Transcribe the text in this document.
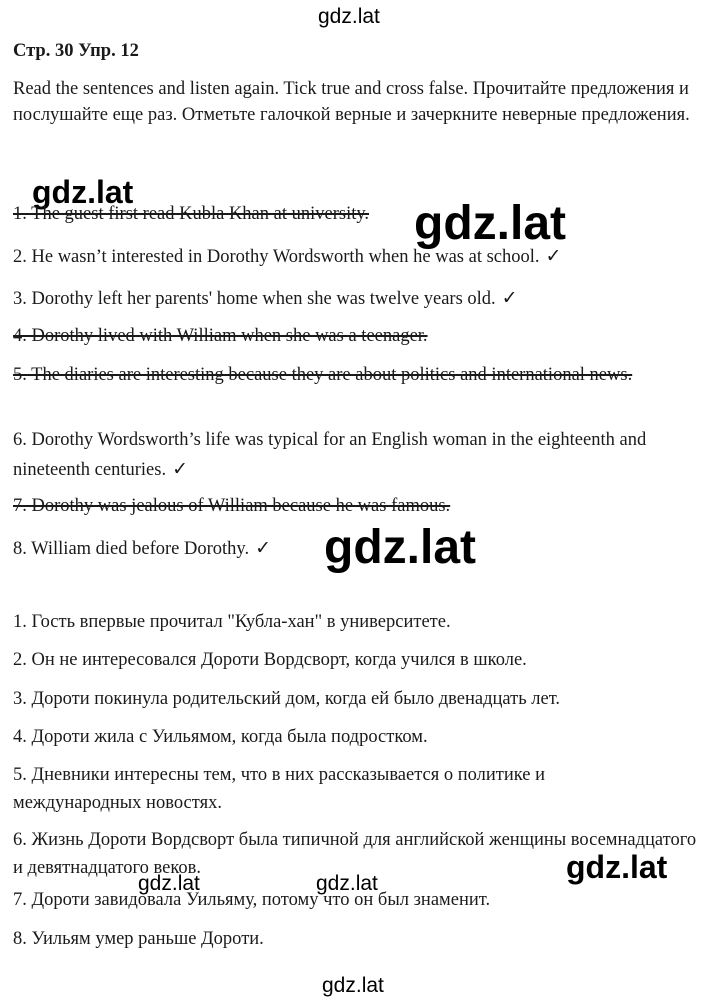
gdz.lat
gdz.lat
gdz.lat
gdz.lat
gdz.lat
gdz.lat	gdz.lat
gdz.lat
Стр. 30 Упр. 12
Read the sentences and listen again. Tick true and cross false. Прочитайте предложения и послушайте еще раз. Отметьте галочкой верные и зачеркните неверные предложения.
1. The guest first read Kubla Khan at university.
2. He wasn’t interested in Dorothy Wordsworth when he was at school. ✓
3. Dorothy left her parents' home when she was twelve years old. ✓
4. Dorothy lived with William when she was a teenager.
5. The diaries are interesting because they are about politics and international news.
6. Dorothy Wordsworth’s life was typical for an English woman in the eighteenth and nineteenth centuries. ✓
7. Dorothy was jealous of William because he was famous.
8. William died before Dorothy. ✓
1. Гость впервые прочитал "Кубла-хан" в университете.
2. Он не интересовался Дороти Вордсворт, когда учился в школе.
3. Дороти покинула родительский дом, когда ей было двенадцать лет.
4. Дороти жила с Уильямом, когда была подростком.
5. Дневники интересны тем, что в них рассказывается о политике и международных новостях.
6. Жизнь Дороти Вордсворт была типичной для английской женщины восемнадцатого и девятнадцатого веков.
7. Дороти завидовала Уильяму, потому что он был знаменит.
8. Уильям умер раньше Дороти.
